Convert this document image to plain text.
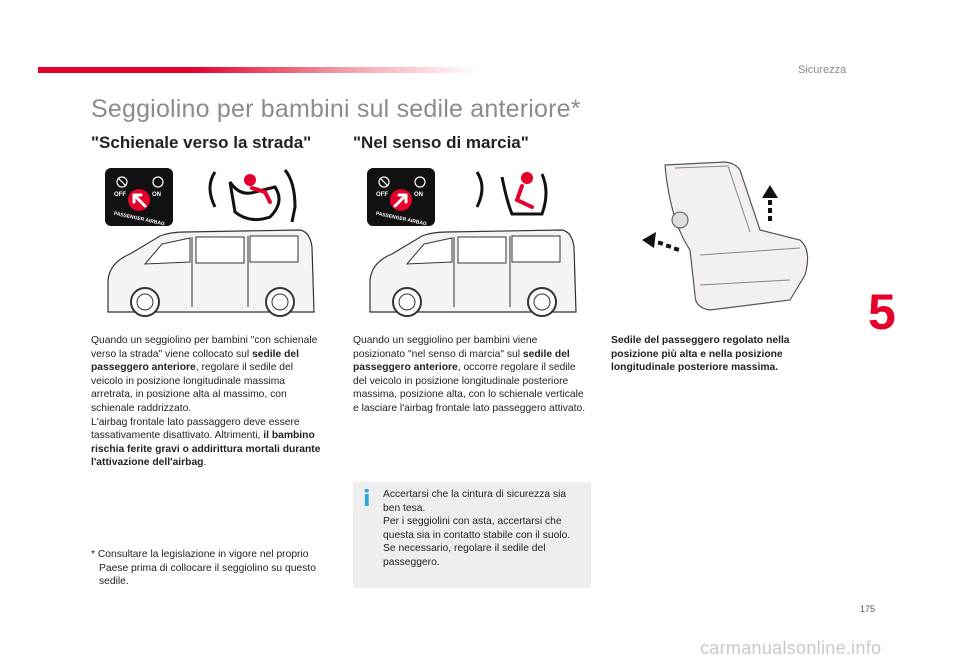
Sicurezza
Seggiolino per bambini sul sedile anteriore*
"Schienale verso la strada" "Nel senso di marcia"
OFF	ON
PASSENGER AIRBAG
OFF	ON
PASSENGER AIRBAG

Quando un seggiolino per bambini "con schienale verso la strada" viene collocato sul sedile del passeggero anteriore, regolare il sedile del veicolo in posizione longitudinale massima arretrata, in posizione alta al massimo, con schienale raddrizzato.
L'airbag frontale lato passaggero deve essere tassativamente disattivato. Altrimenti, il bambino rischia ferite gravi o addirittura mortali durante l'attivazione dell'airbag.

Quando un seggiolino per bambini viene posizionato "nel senso di marcia" sul sedile del passeggero anteriore, occorre regolare il sedile del veicolo in posizione longitudinale posteriore massima, posizione alta, con lo schienale verticale e lasciare l'airbag frontale lato passeggero attivato.

Sedile del passeggero regolato nella posizione più alta e nella posizione longitudinale posteriore massima.

i Accertarsi che la cintura di sicurezza sia ben tesa.
Per i seggiolini con asta, accertarsi che questa sia in contatto stabile con il suolo. Se necessario, regolare il sedile del passeggero.

* Consultare la legislazione in vigore nel proprio Paese prima di collocare il seggiolino su questo sedile.

5
175
carmanualsonline.info
